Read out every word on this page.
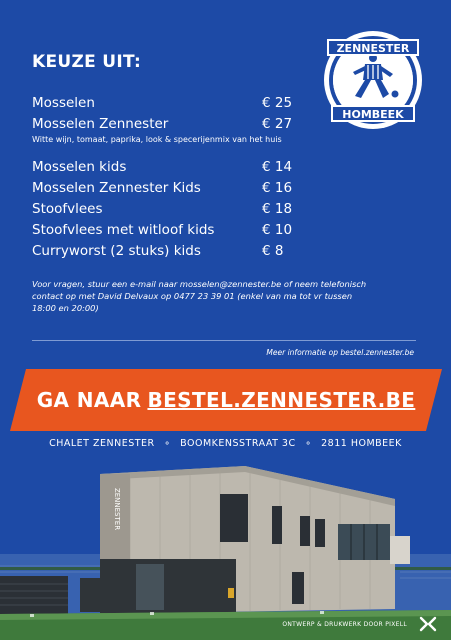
ZENNESTER
HOMBEEK
KEUZE UIT:
Mosselen	€ 25
Mosselen Zennester	€ 27
Witte wijn, tomaat, paprika, look & specerijenmix van het huis
Mosselen kids	€ 14
Mosselen Zennester Kids	€ 16
Stoofvlees	€ 18
Stoofvlees met witloof kids	€ 10
Curryworst (2 stuks) kids	€ 8
Voor vragen, stuur een e-mail naar mosselen@zennester.be of neem telefonisch
contact op met David Delvaux op 0477 23 39 01 (enkel van ma tot vr tussen
18:00 en 20:00)
Meer informatie op bestel.zennester.be
GA NAAR BESTEL.ZENNESTER.BE
CHALET ZENNESTER ∘ BOOMKENSSTRAAT 3C ∘ 2811 HOMBEEK
ZENNESTER
ONTWERP & DRUKWERK DOOR PIXELL
